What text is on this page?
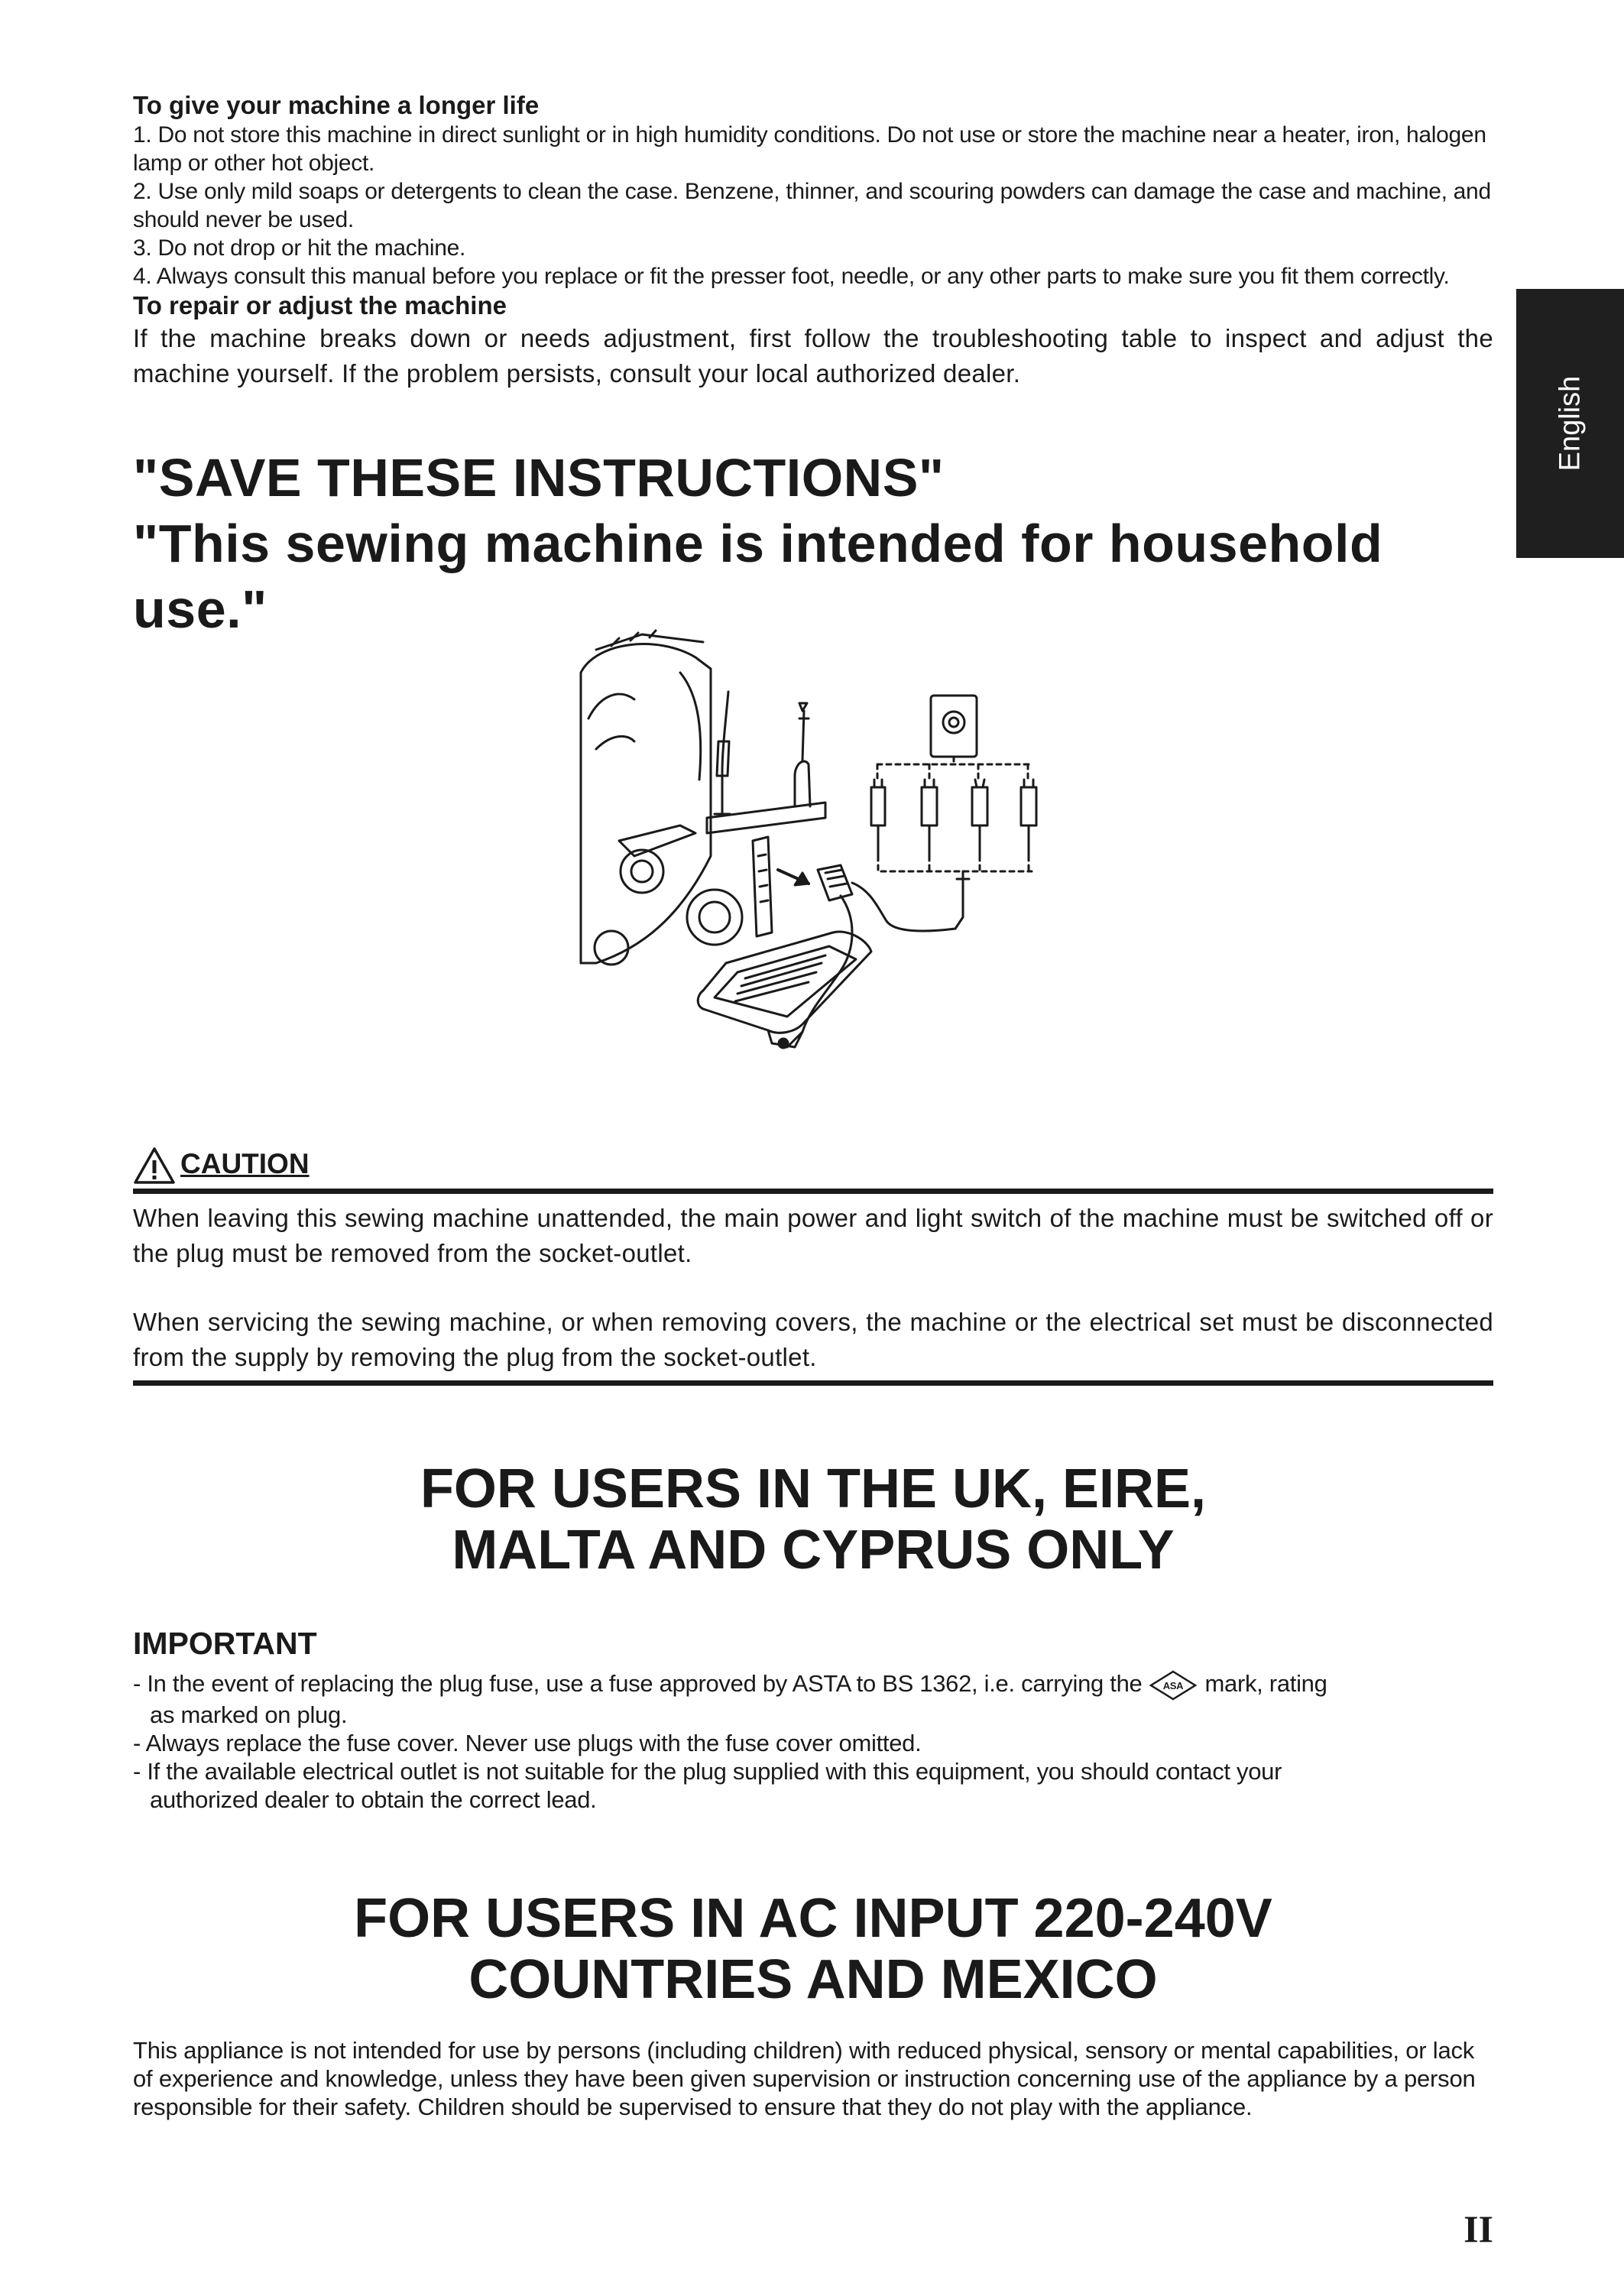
English

To give your machine a longer life

1. Do not store this machine in direct sunlight or in high humidity conditions. Do not use or store the machine near a heater, iron, halogen lamp or other hot object.

2. Use only mild soaps or detergents to clean the case. Benzene, thinner, and scouring powders can damage the case and machine, and should never be used.

3. Do not drop or hit the machine.

4. Always consult this manual before you replace or fit the presser foot, needle, or any other parts to make sure you fit them correctly.

To repair or adjust the machine

If the machine breaks down or needs adjustment, first follow the troubleshooting table to inspect and adjust the machine yourself. If the problem persists, consult your local authorized dealer.

"SAVE THESE INSTRUCTIONS"

"This sewing machine is intended for household use."

CAUTION

When leaving this sewing machine unattended, the main power and light switch of the machine must be switched off or the plug must be removed from the socket-outlet.

When servicing the sewing machine, or when removing covers, the machine or the electrical set must be disconnected from the supply by removing the plug from the socket-outlet.

FOR USERS IN THE UK, EIRE,

MALTA AND CYPRUS ONLY

IMPORTANT

- In the event of replacing the plug fuse, use a fuse approved by ASTA to BS 1362, i.e. carrying the ASA mark, rating

as marked on plug.

- Always replace the fuse cover. Never use plugs with the fuse cover omitted.

- If the available electrical outlet is not suitable for the plug supplied with this equipment, you should contact your

authorized dealer to obtain the correct lead.

FOR USERS IN AC INPUT 220-240V

COUNTRIES AND MEXICO

This appliance is not intended for use by persons (including children) with reduced physical, sensory or mental capabilities, or lack of experience and knowledge, unless they have been given supervision or instruction concerning use of the appliance by a person responsible for their safety. Children should be supervised to ensure that they do not play with the appliance.

II
